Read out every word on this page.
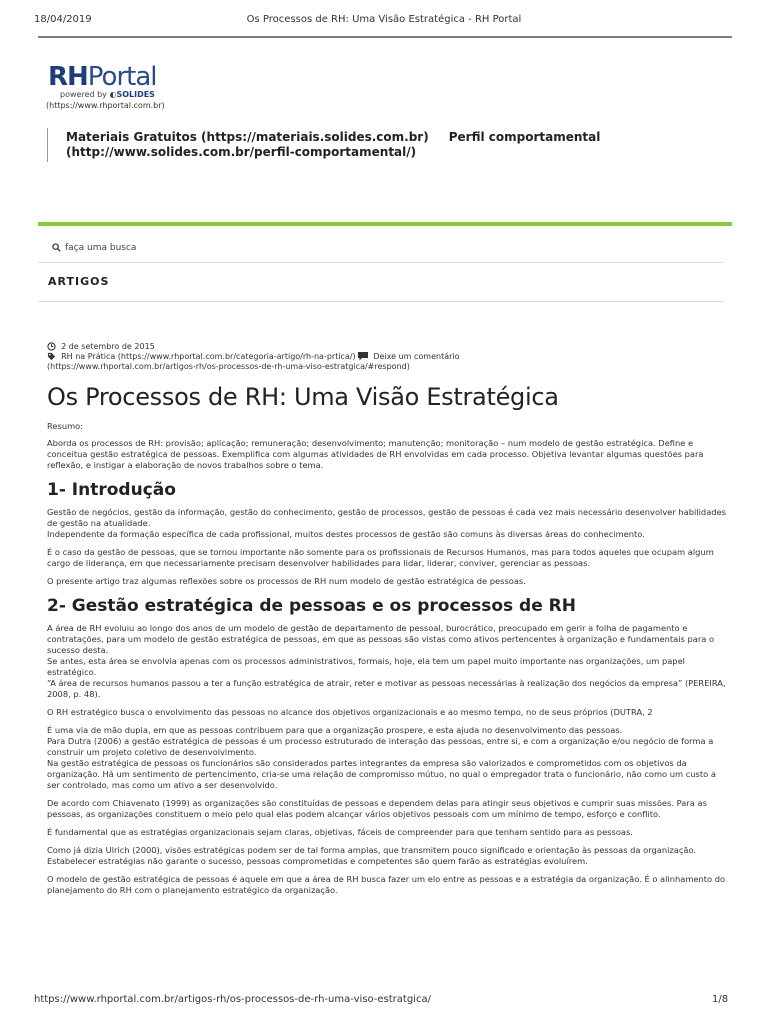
18/04/2019	Os Processos de RH: Uma Visão Estratégica - RH Portal
RHPortal
powered by ◐SOLIDES
(https://www.rhportal.com.br)
Materiais Gratuitos (https://materiais.solides.com.br) Perfil comportamental
(http://www.solides.com.br/perfil-comportamental/)
faça uma busca
ARTIGOS
2 de setembro de 2015
RH na Prática (https://www.rhportal.com.br/categoria-artigo/rh-na-prtica/) Deixe um comentário
(https://www.rhportal.com.br/artigos-rh/os-processos-de-rh-uma-viso-estratgica/#respond)
Os Processos de RH: Uma Visão Estratégica

Resumo:

Aborda os processos de RH: provisão; aplicação; remuneração; desenvolvimento; manutenção; monitoração – num modelo de gestão estratégica. Define e conceitua gestão estratégica de pessoas. Exemplifica com algumas atividades de RH envolvidas em cada processo. Objetiva levantar algumas questões para reflexão, e instigar a elaboração de novos trabalhos sobre o tema.

1- Introdução

Gestão de negócios, gestão da informação, gestão do conhecimento, gestão de processos, gestão de pessoas é cada vez mais necessário desenvolver habilidades de gestão na atualidade.

Independente da formação específica de cada profissional, muitos destes processos de gestão são comuns às diversas áreas do conhecimento.

É o caso da gestão de pessoas, que se tornou importante não somente para os profissionais de Recursos Humanos, mas para todos aqueles que ocupam algum cargo de liderança, em que necessariamente precisam desenvolver habilidades para lidar, liderar, conviver, gerenciar as pessoas.

O presente artigo traz algumas reflexões sobre os processos de RH num modelo de gestão estratégica de pessoas.

2- Gestão estratégica de pessoas e os processos de RH

A área de RH evoluiu ao longo dos anos de um modelo de gestão de departamento de pessoal, burocrático, preocupado em gerir a folha de pagamento e contratações, para um modelo de gestão estratégica de pessoas, em que as pessoas são vistas como ativos pertencentes à organização e fundamentais para o sucesso desta.

Se antes, esta área se envolvia apenas com os processos administrativos, formais, hoje, ela tem um papel muito importante nas organizações, um papel estratégico.

“A área de recursos humanos passou a ter a função estratégica de atrair, reter e motivar as pessoas necessárias à realização dos negócios da empresa” (PEREIRA, 2008, p. 48).

O RH estratégico busca o envolvimento das pessoas no alcance dos objetivos organizacionais e ao mesmo tempo, no de seus próprios (DUTRA, 2

É uma via de mão dupla, em que as pessoas contribuem para que a organização prospere, e esta ajuda no desenvolvimento das pessoas.

Para Dutra (2006) a gestão estratégica de pessoas é um processo estruturado de interação das pessoas, entre si, e com a organização e/ou negócio de forma a construir um projeto coletivo de desenvolvimento.

Na gestão estratégica de pessoas os funcionários são considerados partes integrantes da empresa são valorizados e comprometidos com os objetivos da organização. Há um sentimento de pertencimento, cria-se uma relação de compromisso mútuo, no qual o empregador trata o funcionário, não como um custo a ser controlado, mas como um ativo a ser desenvolvido.

De acordo com Chiavenato (1999) as organizações são constituídas de pessoas e dependem delas para atingir seus objetivos e cumprir suas missões. Para as pessoas, as organizações constituem o meio pelo qual elas podem alcançar vários objetivos pessoais com um mínimo de tempo, esforço e conflito.

É fundamental que as estratégias organizacionais sejam claras, objetivas, fáceis de compreender para que tenham sentido para as pessoas.

Como já dizia Ulrich (2000), visões estratégicas podem ser de tal forma amplas, que transmitem pouco significado e orientação às pessoas da organização. Estabelecer estratégias não garante o sucesso, pessoas comprometidas e competentes são quem farão as estratégias evoluírem.

O modelo de gestão estratégica de pessoas é aquele em que a área de RH busca fazer um elo entre as pessoas e a estratégia da organização. É o alinhamento do planejamento do RH com o planejamento estratégico da organização.

https://www.rhportal.com.br/artigos-rh/os-processos-de-rh-uma-viso-estratgica/	1/8
